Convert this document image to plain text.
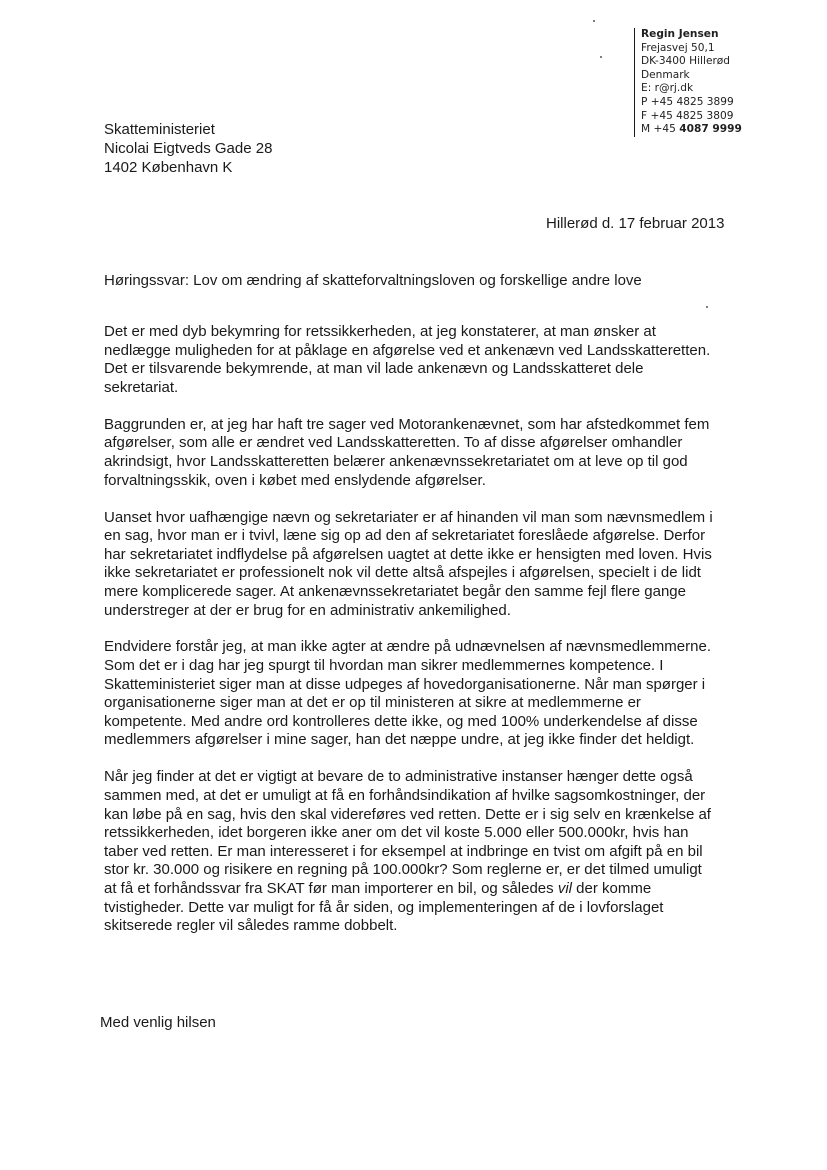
Regin Jensen
Frejasvej 50,1
DK-3400 Hillerød
Denmark
E: r@rj.dk
P +45 4825 3899
F +45 4825 3809
M +45 4087 9999
Skatteministeriet
Nicolai Eigtveds Gade 28
1402 København K
Hillerød d. 17 februar 2013
Høringssvar: Lov om ændring af skatteforvaltningsloven og forskellige andre love
Det er med dyb bekymring for retssikkerheden, at jeg konstaterer, at man ønsker at
nedlægge muligheden for at påklage en afgørelse ved et ankenævn ved Landsskatteretten.
Det er tilsvarende bekymrende, at man vil lade ankenævn og Landsskatteret dele
sekretariat.
Baggrunden er, at jeg har haft tre sager ved Motorankenævnet, som har afstedkommet fem
afgørelser, som alle er ændret ved Landsskatteretten. To af disse afgørelser omhandler
akrindsigt, hvor Landsskatteretten belærer ankenævnssekretariatet om at leve op til god
forvaltningsskik, oven i købet med enslydende afgørelser.
Uanset hvor uafhængige nævn og sekretariater er af hinanden vil man som nævnsmedlem i
en sag, hvor man er i tvivl, læne sig op ad den af sekretariatet foreslåede afgørelse. Derfor
har sekretariatet indflydelse på afgørelsen uagtet at dette ikke er hensigten med loven. Hvis
ikke sekretariatet er professionelt nok vil dette altså afspejles i afgørelsen, specielt i de lidt
mere komplicerede sager. At ankenævnssekretariatet begår den samme fejl flere gange
understreger at der er brug for en administrativ ankemilighed.
Endvidere forstår jeg, at man ikke agter at ændre på udnævnelsen af nævnsmedlemmerne.
Som det er i dag har jeg spurgt til hvordan man sikrer medlemmernes kompetence. I
Skatteministeriet siger man at disse udpeges af hovedorganisationerne. Når man spørger i
organisationerne siger man at det er op til ministeren at sikre at medlemmerne er
kompetente. Med andre ord kontrolleres dette ikke, og med 100% underkendelse af disse
medlemmers afgørelser i mine sager, han det næppe undre, at jeg ikke finder det heldigt.
Når jeg finder at det er vigtigt at bevare de to administrative instanser hænger dette også
sammen med, at det er umuligt at få en forhåndsindikation af hvilke sagsomkostninger, der
kan løbe på en sag, hvis den skal videreføres ved retten. Dette er i sig selv en krænkelse af
retssikkerheden, idet borgeren ikke aner om det vil koste 5.000 eller 500.000kr, hvis han
taber ved retten. Er man interesseret i for eksempel at indbringe en tvist om afgift på en bil
stor kr. 30.000 og risikere en regning på 100.000kr? Som reglerne er, er det tilmed umuligt
at få et forhåndssvar fra SKAT før man importerer en bil, og således vil der komme
tvistigheder. Dette var muligt for få år siden, og implementeringen af de i lovforslaget
skitserede regler vil således ramme dobbelt.
Med venlig hilsen
